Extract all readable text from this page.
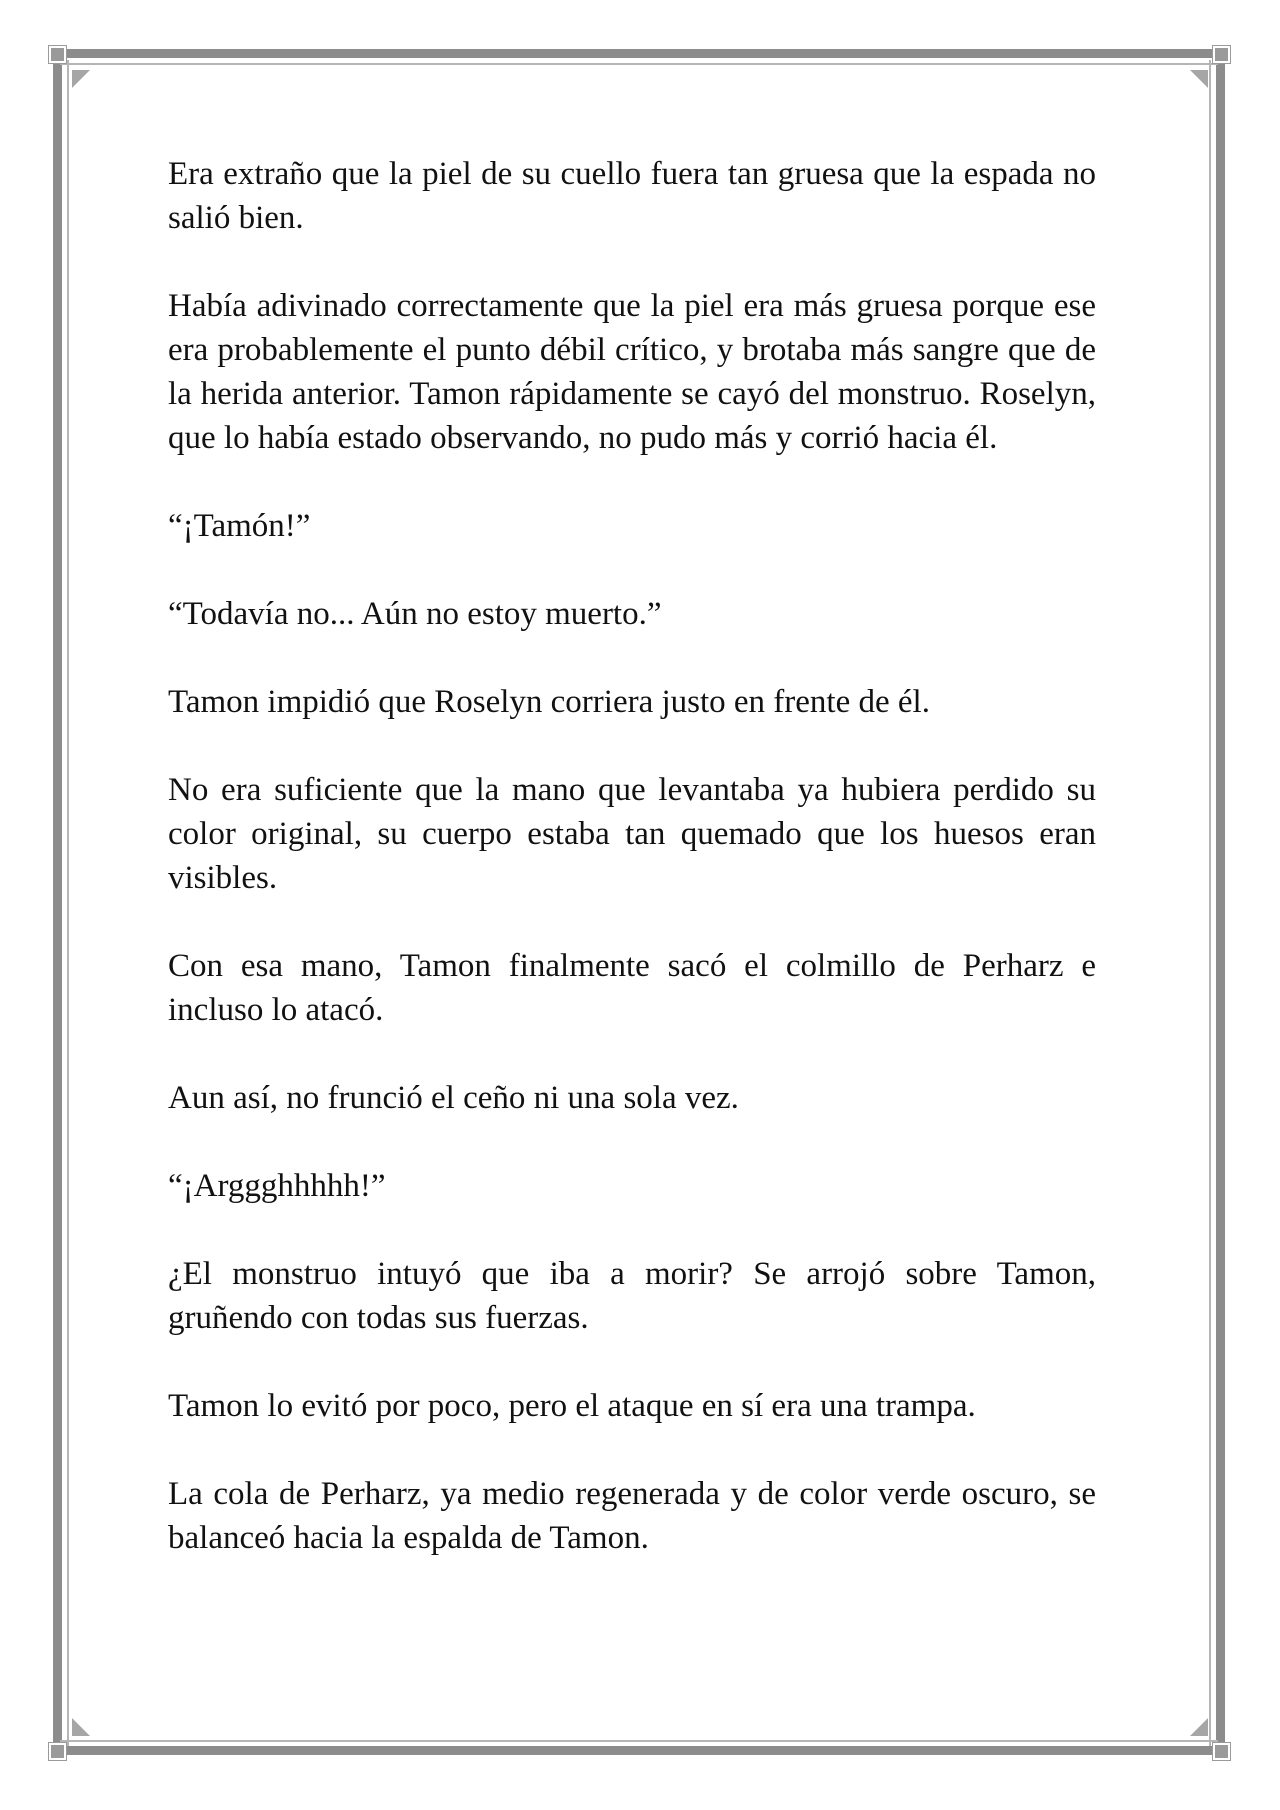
Era extraño que la piel de su cuello fuera tan gruesa que la espada no salió bien.

Había adivinado correctamente que la piel era más gruesa porque ese era probablemente el punto débil crítico, y brotaba más sangre que de la herida anterior. Tamon rápidamente se cayó del monstruo. Roselyn, que lo había estado observando, no pudo más y corrió hacia él.

“¡Tamón!”

“Todavía no... Aún no estoy muerto.”

Tamon impidió que Roselyn corriera justo en frente de él.

No era suficiente que la mano que levantaba ya hubiera perdido su color original, su cuerpo estaba tan quemado que los huesos eran visibles.

Con esa mano, Tamon finalmente sacó el colmillo de Perharz e incluso lo atacó.

Aun así, no frunció el ceño ni una sola vez.

“¡Arggghhhhh!”

¿El monstruo intuyó que iba a morir? Se arrojó sobre Tamon, gruñendo con todas sus fuerzas.

Tamon lo evitó por poco, pero el ataque en sí era una trampa.

La cola de Perharz, ya medio regenerada y de color verde oscuro, se balanceó hacia la espalda de Tamon.
